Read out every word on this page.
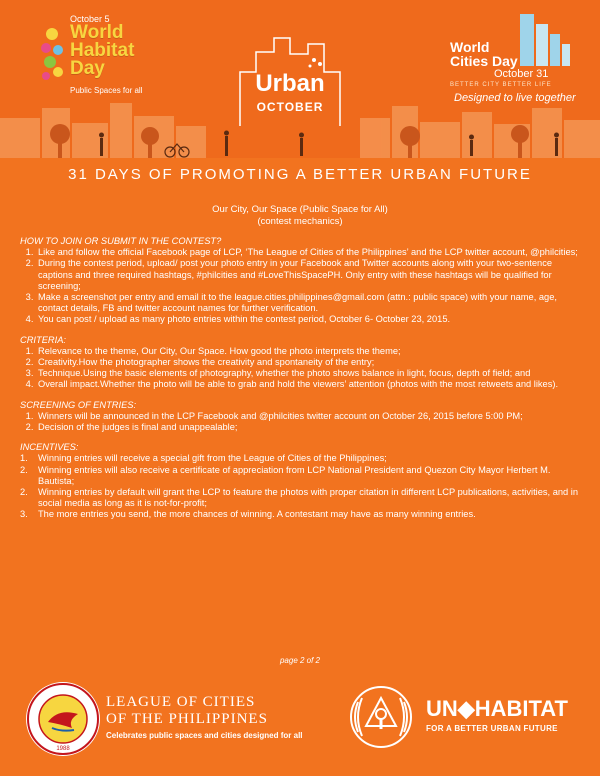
October 5
World Habitat Day
Public Spaces for all	Urban
OCTOBER
World Cities Day
October 31
BETTER CITY BETTER LIFE
Designed to live together
31 DAYS OF PROMOTING A BETTER URBAN FUTURE
Our City, Our Space (Public Space for All)
(contest mechanics)

HOW TO JOIN OR SUBMIT IN THE CONTEST?

1. Like and follow the official Facebook page of LCP, ‘The League of Cities of the Philippines’ and the LCP twitter account, @philcities;
2. During the contest period, upload/ post your photo entry in your Facebook and Twitter accounts along with your two-sentence captions and three required hashtags, #philcities and #LoveThisSpacePH. Only entry with these hashtags will be qualified for screening;
3. Make a screenshot per entry and email it to the league.cities.philippines@gmail.com (attn.: public space) with your name, age, contact details, FB and twitter account names for further verification.
4. You can post / upload as many photo entries within the contest period, October 6- October 23, 2015.

CRITERIA:

1. Relevance to the theme, Our City, Our Space. How good the photo interprets the theme;
2. Creativity.How the photographer shows the creativity and spontaneity of the entry;
3. Technique.Using the basic elements of photography, whether the photo shows balance in light, focus, depth of field; and
4. Overall impact.Whether the photo will be able to grab and hold the viewers’ attention (photos with the most retweets and likes).

SCREENING OF ENTRIES:

1. Winners will be announced in the LCP Facebook and @philcities twitter account on October 26, 2015 before 5:00 PM;
2. Decision of the judges is final and unappealable;

INCENTIVES:

1.	Winning entries will receive a special gift from the League of Cities of the Philippines;
2.	Winning entries will also receive a certificate of appreciation from LCP National President and Quezon City Mayor Herbert M. Bautista;
2.	Winning entries by default will grant the LCP to feature the photos with proper citation in different LCP publications, activities, and in social media as long as it is not-for-profit;
3.	The more entries you send, the more chances of winning. A contestant may have as many winning entries.
page 2 of 2
1988
LEAGUE OF CITIES
OF THE PHILIPPINES
Celebrates public spaces and cities designed for all
UN◆HABITAT
FOR A BETTER URBAN FUTURE
